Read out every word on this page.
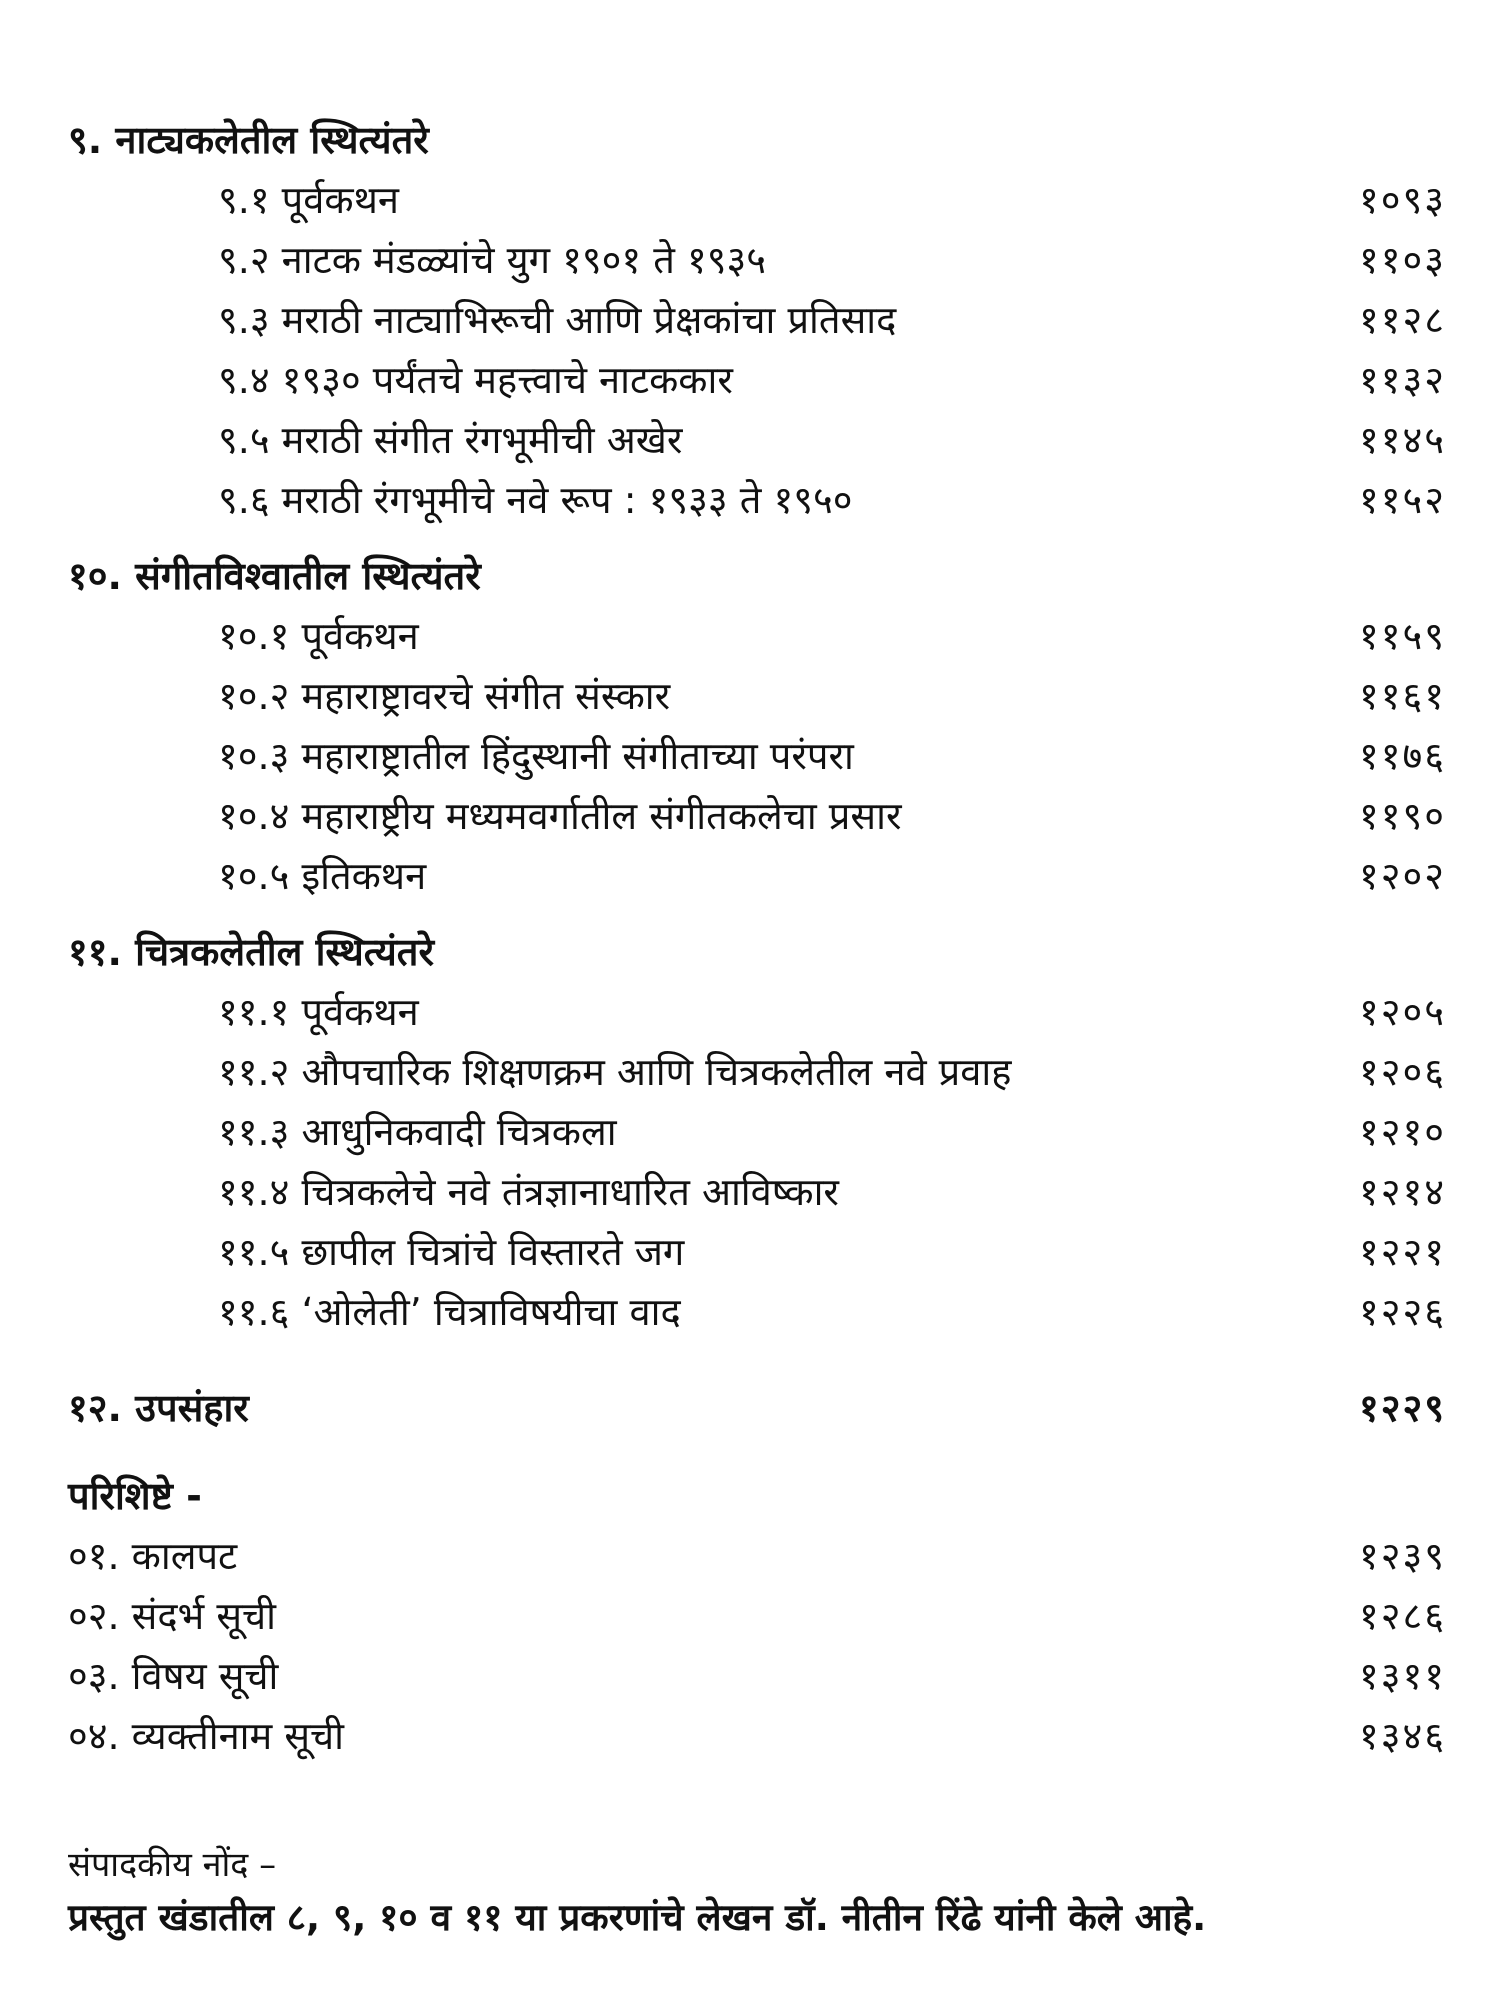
९. नाट्यकलेतील स्थित्यंतरे
९.१ पूर्वकथन	१०९३
९.२ नाटक मंडळ्यांचे युग १९०१ ते १९३५	११०३
९.३ मराठी नाट्याभिरूची आणि प्रेक्षकांचा प्रतिसाद	११२८
९.४ १९३० पर्यंतचे महत्त्वाचे नाटककार	११३२
९.५ मराठी संगीत रंगभूमीची अखेर	११४५
९.६ मराठी रंगभूमीचे नवे रूप : १९३३ ते १९५०	११५२
१०. संगीतविश्वातील स्थित्यंतरे
१०.१ पूर्वकथन	११५९
१०.२ महाराष्ट्रावरचे संगीत संस्कार	११६१
१०.३ महाराष्ट्रातील हिंदुस्थानी संगीताच्या परंपरा	११७६
१०.४ महाराष्ट्रीय मध्यमवर्गातील संगीतकलेचा प्रसार	११९०
१०.५ इतिकथन	१२०२
११. चित्रकलेतील स्थित्यंतरे
११.१ पूर्वकथन	१२०५
११.२ औपचारिक शिक्षणक्रम आणि चित्रकलेतील नवे प्रवाह	१२०६
११.३ आधुनिकवादी चित्रकला	१२१०
११.४ चित्रकलेचे नवे तंत्रज्ञानाधारित आविष्कार	१२१४
११.५ छापील चित्रांचे विस्तारते जग	१२२१
११.६ ‘ओलेती’ चित्राविषयीचा वाद	१२२६
१२. उपसंहार	१२२९
परिशिष्टे -
०१. कालपट	१२३९
०२. संदर्भ सूची	१२८६
०३. विषय सूची	१३११
०४. व्यक्तीनाम सूची	१३४६
संपादकीय नोंद –
प्रस्तुत खंडातील ८, ९, १० व ११ या प्रकरणांचे लेखन डॉ. नीतीन रिंढे यांनी केले आहे.
